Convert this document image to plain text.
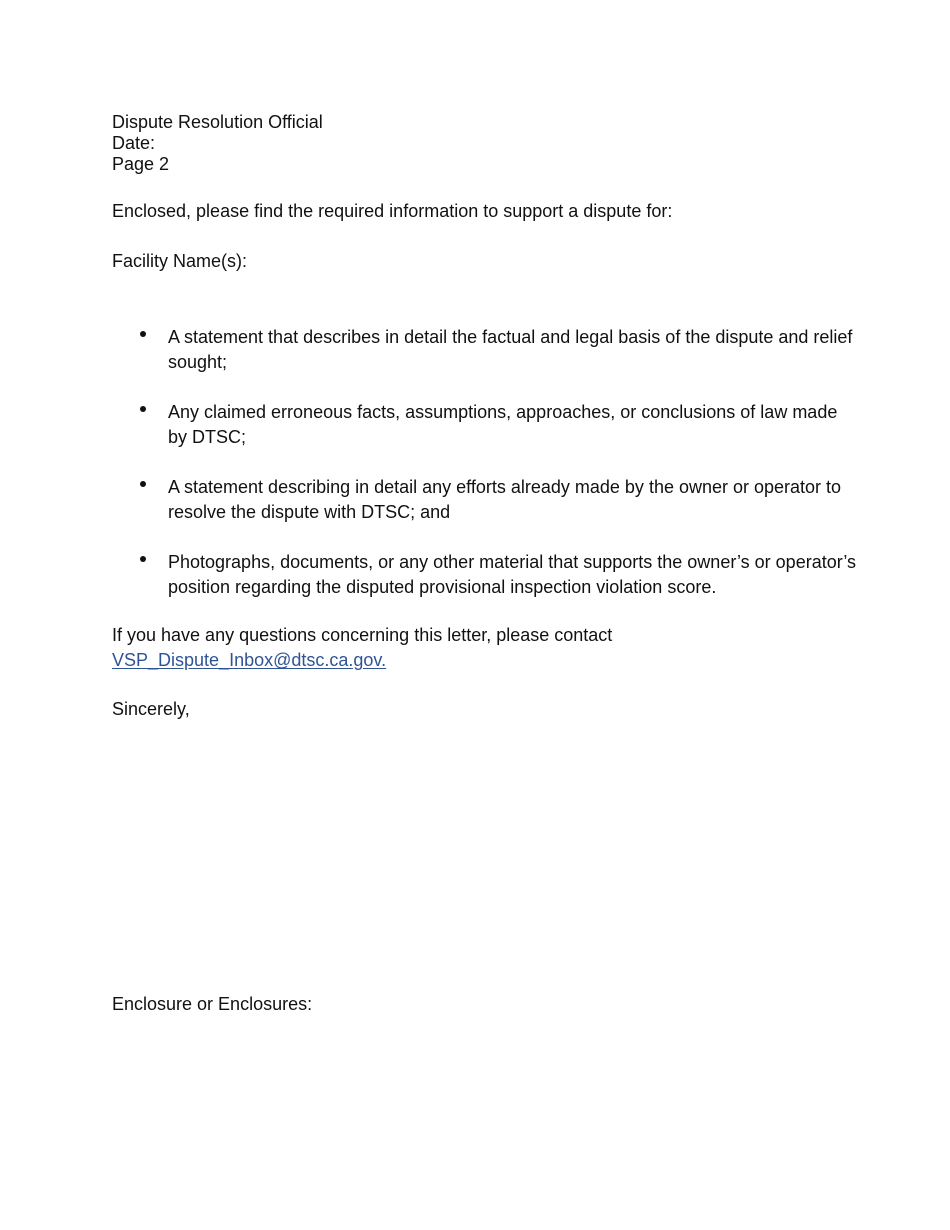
Dispute Resolution Official
Date:
Page 2
Enclosed, please find the required information to support a dispute for:
Facility Name(s):
A statement that describes in detail the factual and legal basis of the dispute and relief sought;
Any claimed erroneous facts, assumptions, approaches, or conclusions of law made by DTSC;
A statement describing in detail any efforts already made by the owner or operator to resolve the dispute with DTSC; and
Photographs, documents, or any other material that supports the owner’s or operator’s position regarding the disputed provisional inspection violation score.
If you have any questions concerning this letter, please contact
VSP_Dispute_Inbox@dtsc.ca.gov.
Sincerely,
Enclosure or Enclosures:
